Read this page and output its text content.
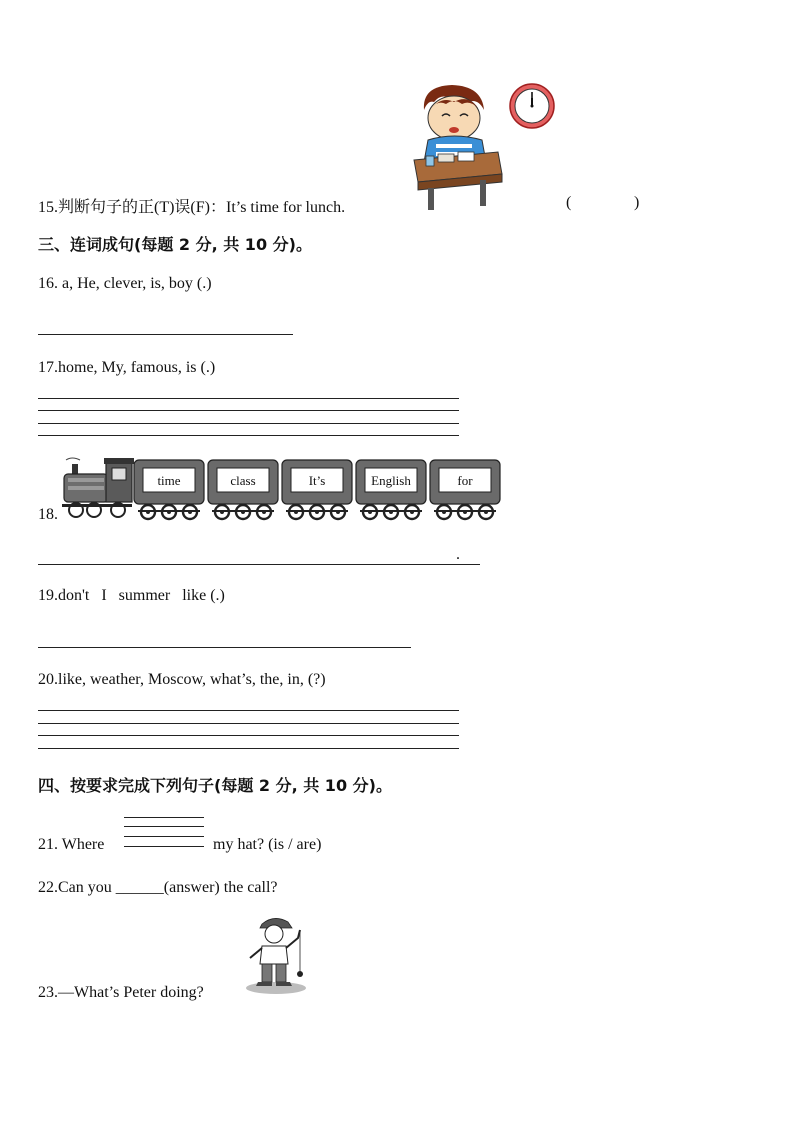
15.判断句子的正(T)误(F)：It’s time for lunch.	(	)
三、连词成句(每题 2 分, 共 10 分)。
16. a, He, clever, is, boy (.)
17.home, My, famous, is (.)
18.
time	class	It’s	English	for
.
19.don't   I   summer   like (.)
20.like, weather, Moscow, what’s, the, in, (?)
四、按要求完成下列句子(每题 2 分, 共 10 分)。
21. Where	my hat? (is / are)
22.Can you ______(answer) the call?
23.—What’s Peter doing?
